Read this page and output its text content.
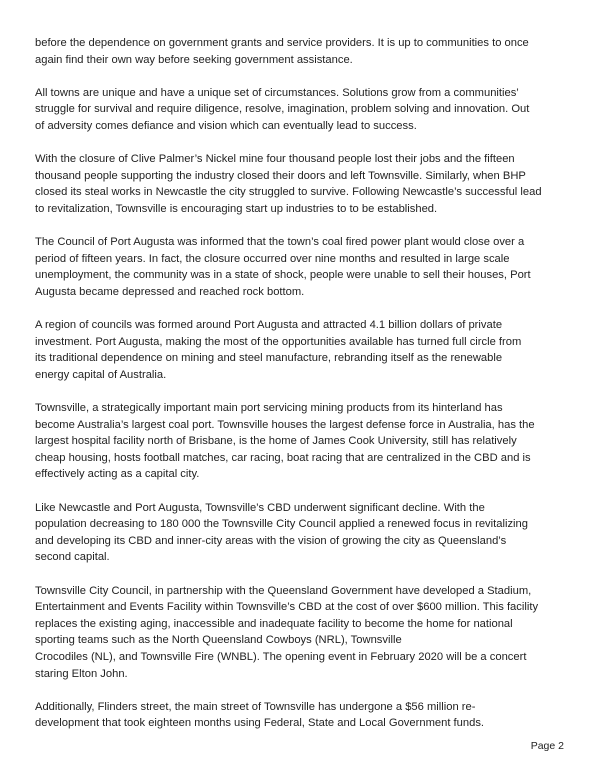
before the dependence on government grants and service providers. It is up to communities to once
again find their own way before seeking government assistance.

All towns are unique and have a unique set of circumstances. Solutions grow from a communities’
struggle for survival and require diligence, resolve, imagination, problem solving and innovation. Out
of adversity comes defiance and vision which can eventually lead to success.

With the closure of Clive Palmer’s Nickel mine four thousand people lost their jobs and the fifteen
thousand people supporting the industry closed their doors and left Townsville. Similarly, when BHP
closed its steal works in Newcastle the city struggled to survive. Following Newcastle’s successful lead
to revitalization, Townsville is encouraging start up industries to to be established.

The Council of Port Augusta was informed that the town’s coal fired power plant would close over a
period of fifteen years. In fact, the closure occurred over nine months and resulted in large scale
unemployment, the community was in a state of shock, people were unable to sell their houses, Port
Augusta became depressed and reached rock bottom.

A region of councils was formed around Port Augusta and attracted 4.1 billion dollars of private
investment. Port Augusta, making the most of the opportunities available has turned full circle from
its traditional dependence on mining and steel manufacture, rebranding itself as the renewable
energy capital of Australia.

Townsville, a strategically important main port servicing mining products from its hinterland has
become Australia’s largest coal port. Townsville houses the largest defense force in Australia, has the
largest hospital facility north of Brisbane, is the home of James Cook University, still has relatively
cheap housing, hosts football matches, car racing, boat racing that are centralized in the CBD and is
effectively acting as a capital city.

Like Newcastle and Port Augusta, Townsville’s CBD underwent significant decline. With the
population decreasing to 180 000 the Townsville City Council applied a renewed focus in revitalizing
and developing its CBD and inner-city areas with the vision of growing the city as Queensland’s
second capital.

Townsville City Council, in partnership with the Queensland Government have developed a Stadium,
Entertainment and Events Facility within Townsville’s CBD at the cost of over $600 million. This facility
replaces the existing aging, inaccessible and inadequate facility to become the home for national
sporting teams such as the North Queensland Cowboys (NRL), Townsville
Crocodiles (NL), and Townsville Fire (WNBL). The opening event in February 2020 will be a concert
staring Elton John.

Additionally, Flinders street, the main street of Townsville has undergone a $56 million re-
development that took eighteen months using Federal, State and Local Government funds.

Page 2
